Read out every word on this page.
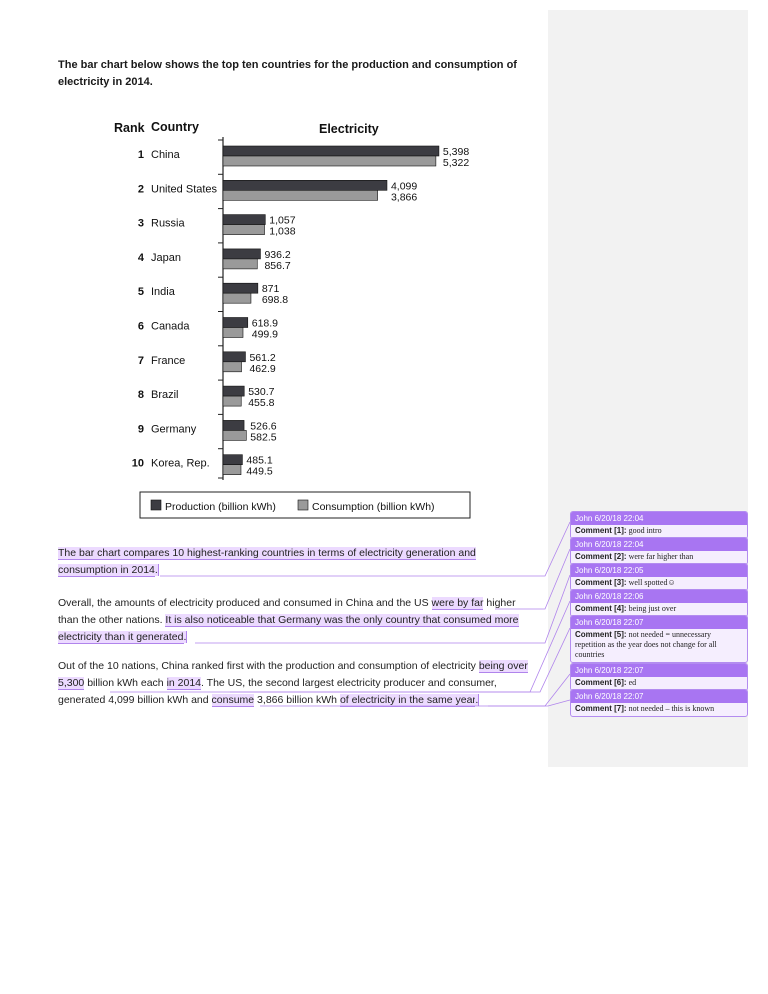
The bar chart below shows the top ten countries for the production and consumption of electricity in 2014.
Rank Country	Electricity
1 China	5,398
5,322
2 United States	4,099
3,866
3 Russia	1,057
1,038
4 Japan	936.2
856.7
5 India	871
698.8
6 Canada	618.9
499.9
7 France	561.2
462.9
8 Brazil	530.7
455.8
9 Germany	526.6
582.5
10 Korea, Rep.	485.1
449.5
Production (billion kWh)	Consumption (billion kWh)
The bar chart compares 10 highest-ranking countries in terms of electricity generation and consumption in 2014.
Overall, the amounts of electricity produced and consumed in China and the US were by far higher than the other nations. It is also noticeable that Germany was the only country that consumed more electricity than it generated.
Out of the 10 nations, China ranked first with the production and consumption of electricity being over 5,300 billion kWh each in 2014. The US, the second largest electricity producer and consumer, generated 4,099 billion kWh and consume 3,866 billion kWh of electricity in the same year.
John 6/20/18 22:04
Comment [1]: good intro
John 6/20/18 22:04
Comment [2]: were far higher than
John 6/20/18 22:05
Comment [3]: well spotted☺
John 6/20/18 22:06
Comment [4]: being just over
John 6/20/18 22:07
Comment [5]: not needed = unnecessary repetition as the year does not change for all countries
John 6/20/18 22:07
Comment [6]: ed
John 6/20/18 22:07
Comment [7]: not needed – this is known
